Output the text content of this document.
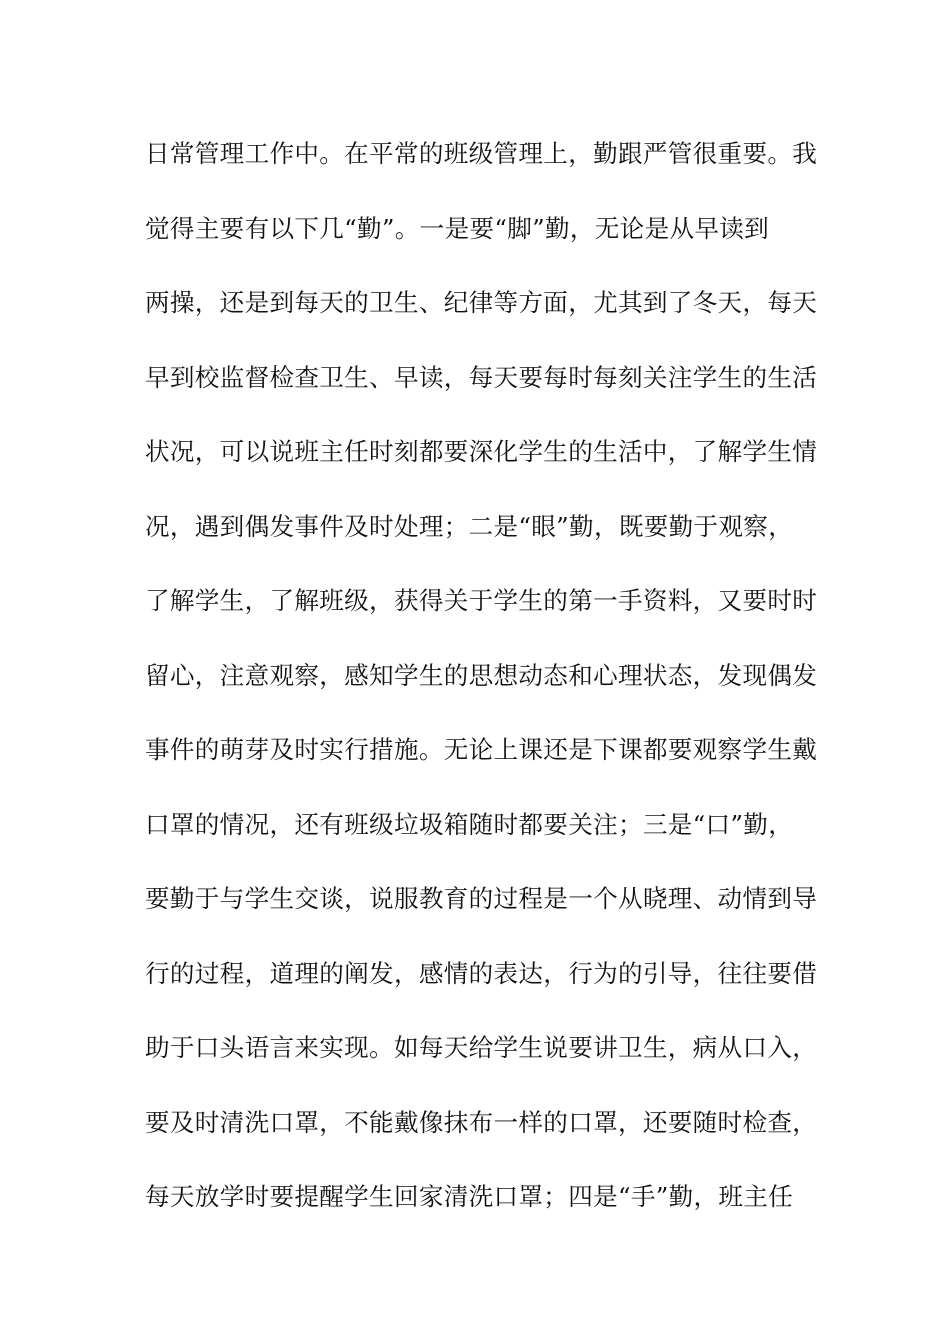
日常管理工作中。在平常的班级管理上，勤跟严管很重要。我
觉得主要有以下几“勤”。一是要“脚”勤，无论是从早读到
两操，还是到每天的卫生、纪律等方面，尤其到了冬天，每天
早到校监督检查卫生、早读，每天要每时每刻关注学生的生活
状况，可以说班主任时刻都要深化学生的生活中，了解学生情
况，遇到偶发事件及时处理；二是“眼”勤，既要勤于观察，
了解学生，了解班级，获得关于学生的第一手资料，又要时时
留心，注意观察，感知学生的思想动态和心理状态，发现偶发
事件的萌芽及时实行措施。无论上课还是下课都要观察学生戴
口罩的情况，还有班级垃圾箱随时都要关注；三是“口”勤，
要勤于与学生交谈，说服教育的过程是一个从晓理、动情到导
行的过程，道理的阐发，感情的表达，行为的引导，往往要借
助于口头语言来实现。如每天给学生说要讲卫生，病从口入，
要及时清洗口罩，不能戴像抹布一样的口罩，还要随时检查，
每天放学时要提醒学生回家清洗口罩；四是“手”勤，班主任
